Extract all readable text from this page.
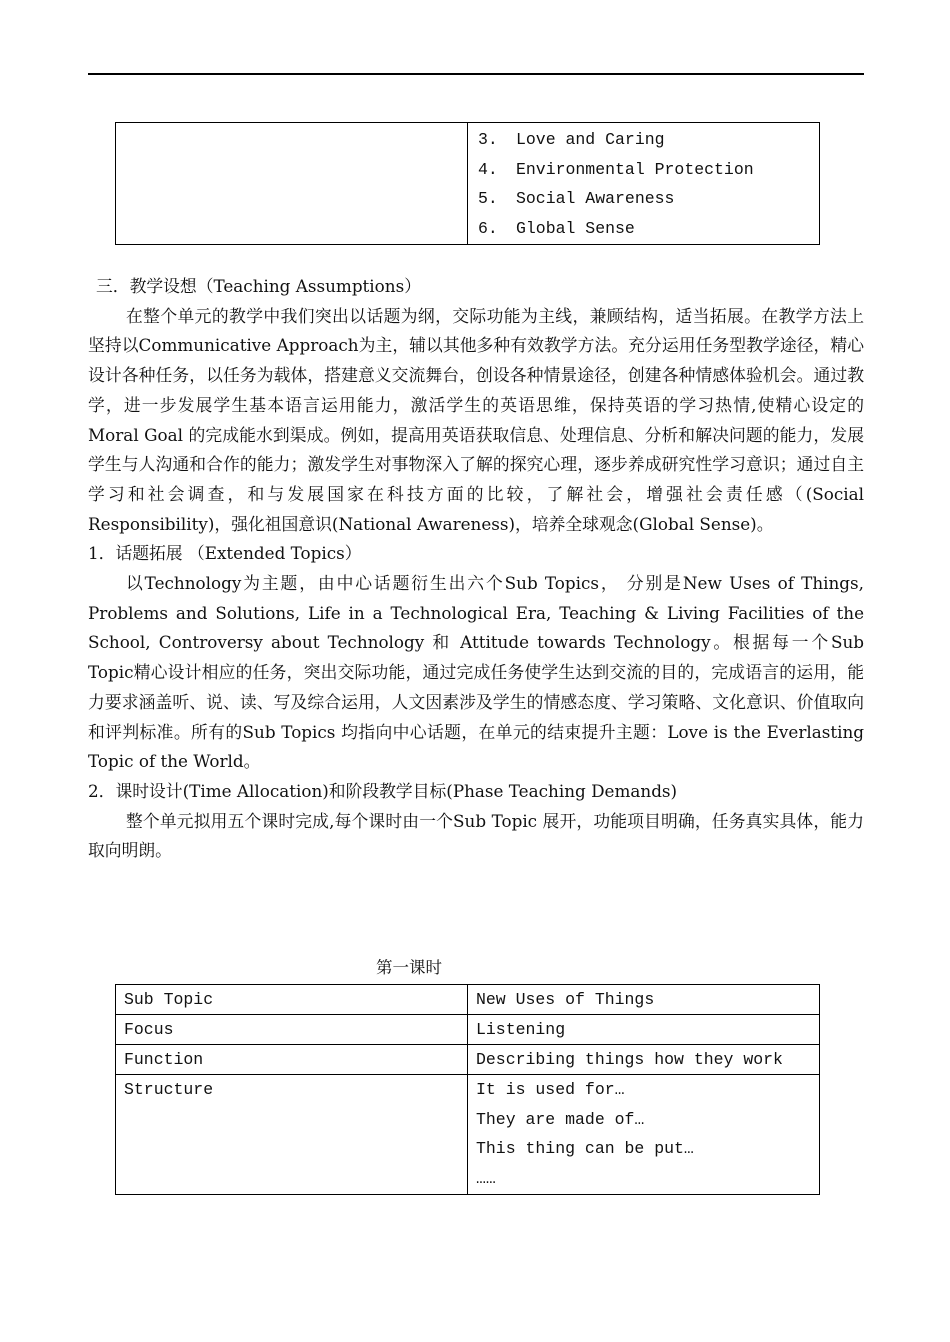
3. Love and Caring
4. Environmental Protection
5. Social Awareness
6. Global Sense

三．教学设想（Teaching Assumptions）

在整个单元的教学中我们突出以话题为纲，交际功能为主线，兼顾结构，适当拓展。在教学方法上坚持以Communicative Approach为主，辅以其他多种有效教学方法。充分运用任务型教学途径，精心设计各种任务，以任务为载体，搭建意义交流舞台，创设各种情景途径，创建各种情感体验机会。通过教学，进一步发展学生基本语言运用能力，激活学生的英语思维，保持英语的学习热情,使精心设定的Moral Goal 的完成能水到渠成。例如，提高用英语获取信息、处理信息、分析和解决问题的能力，发展学生与人沟通和合作的能力；激发学生对事物深入了解的探究心理，逐步养成研究性学习意识；通过自主学习和社会调查，和与发展国家在科技方面的比较，了解社会，增强社会责任感（(Social Responsibility)，强化祖国意识(National Awareness)，培养全球观念(Global Sense)。

1．话题拓展 （Extended Topics）

以Technology为主题，由中心话题衍生出六个Sub Topics， 分别是New Uses of Things, Problems and Solutions, Life in a Technological Era, Teaching & Living Facilities of the School, Controversy about Technology 和 Attitude towards Technology。根据每一个Sub Topic精心设计相应的任务，突出交际功能，通过完成任务使学生达到交流的目的，完成语言的运用，能力要求涵盖听、说、读、写及综合运用，人文因素涉及学生的情感态度、学习策略、文化意识、价值取向和评判标准。所有的Sub Topics 均指向中心话题，在单元的结束提升主题：Love is the Everlasting Topic of the World。

2．课时设计(Time Allocation)和阶段教学目标(Phase Teaching Demands)

整个单元拟用五个课时完成,每个课时由一个Sub Topic 展开，功能项目明确，任务真实具体，能力取向明朗。

第一课时
Sub Topic	New Uses of Things
Focus	Listening
Function	Describing things how they work
Structure	It is used for…
They are made of…
This thing can be put…
……
